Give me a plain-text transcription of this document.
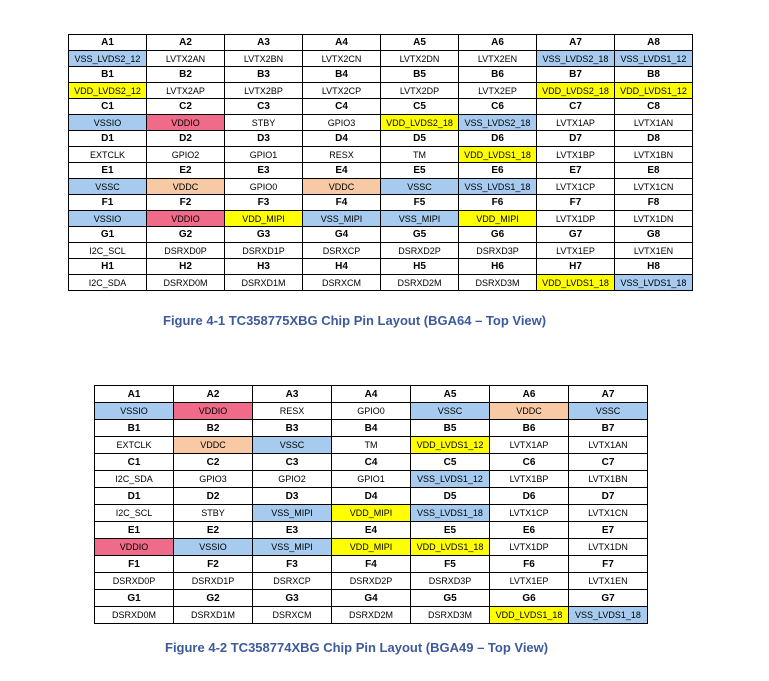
A1	A2	A3	A4	A5	A6	A7	A8
VSS_LVDS2_12	LVTX2AN	LVTX2BN	LVTX2CN	LVTX2DN	LVTX2EN	VSS_LVDS2_18	VSS_LVDS1_12
B1	B2	B3	B4	B5	B6	B7	B8
VDD_LVDS2_12	LVTX2AP	LVTX2BP	LVTX2CP	LVTX2DP	LVTX2EP	VDD_LVDS2_18	VDD_LVDS1_12
C1	C2	C3	C4	C5	C6	C7	C8
VSSIO	VDDIO	STBY	GPIO3	VDD_LVDS2_18	VSS_LVDS2_18	LVTX1AP	LVTX1AN
D1	D2	D3	D4	D5	D6	D7	D8
EXTCLK	GPIO2	GPIO1	RESX	TM	VDD_LVDS1_18	LVTX1BP	LVTX1BN
E1	E2	E3	E4	E5	E6	E7	E8
VSSC	VDDC	GPIO0	VDDC	VSSC	VSS_LVDS1_18	LVTX1CP	LVTX1CN
F1	F2	F3	F4	F5	F6	F7	F8
VSSIO	VDDIO	VDD_MIPI	VSS_MIPI	VSS_MIPI	VDD_MIPI	LVTX1DP	LVTX1DN
G1	G2	G3	G4	G5	G6	G7	G8
I2C_SCL	DSRXD0P	DSRXD1P	DSRXCP	DSRXD2P	DSRXD3P	LVTX1EP	LVTX1EN
H1	H2	H3	H4	H5	H6	H7	H8
I2C_SDA	DSRXD0M	DSRXD1M	DSRXCM	DSRXD2M	DSRXD3M	VDD_LVDS1_18	VSS_LVDS1_18
Figure 4-1 TC358775XBG Chip Pin Layout (BGA64 – Top View)
A1	A2	A3	A4	A5	A6	A7
VSSIO	VDDIO	RESX	GPIO0	VSSC	VDDC	VSSC
B1	B2	B3	B4	B5	B6	B7
EXTCLK	VDDC	VSSC	TM	VDD_LVDS1_12	LVTX1AP	LVTX1AN
C1	C2	C3	C4	C5	C6	C7
I2C_SDA	GPIO3	GPIO2	GPIO1	VSS_LVDS1_12	LVTX1BP	LVTX1BN
D1	D2	D3	D4	D5	D6	D7
I2C_SCL	STBY	VSS_MIPI	VDD_MIPI	VSS_LVDS1_18	LVTX1CP	LVTX1CN
E1	E2	E3	E4	E5	E6	E7
VDDIO	VSSIO	VSS_MIPI	VDD_MIPI	VDD_LVDS1_18	LVTX1DP	LVTX1DN
F1	F2	F3	F4	F5	F6	F7
DSRXD0P	DSRXD1P	DSRXCP	DSRXD2P	DSRXD3P	LVTX1EP	LVTX1EN
G1	G2	G3	G4	G5	G6	G7
DSRXD0M	DSRXD1M	DSRXCM	DSRXD2M	DSRXD3M	VDD_LVDS1_18	VSS_LVDS1_18
Figure 4-2 TC358774XBG Chip Pin Layout (BGA49 – Top View)
